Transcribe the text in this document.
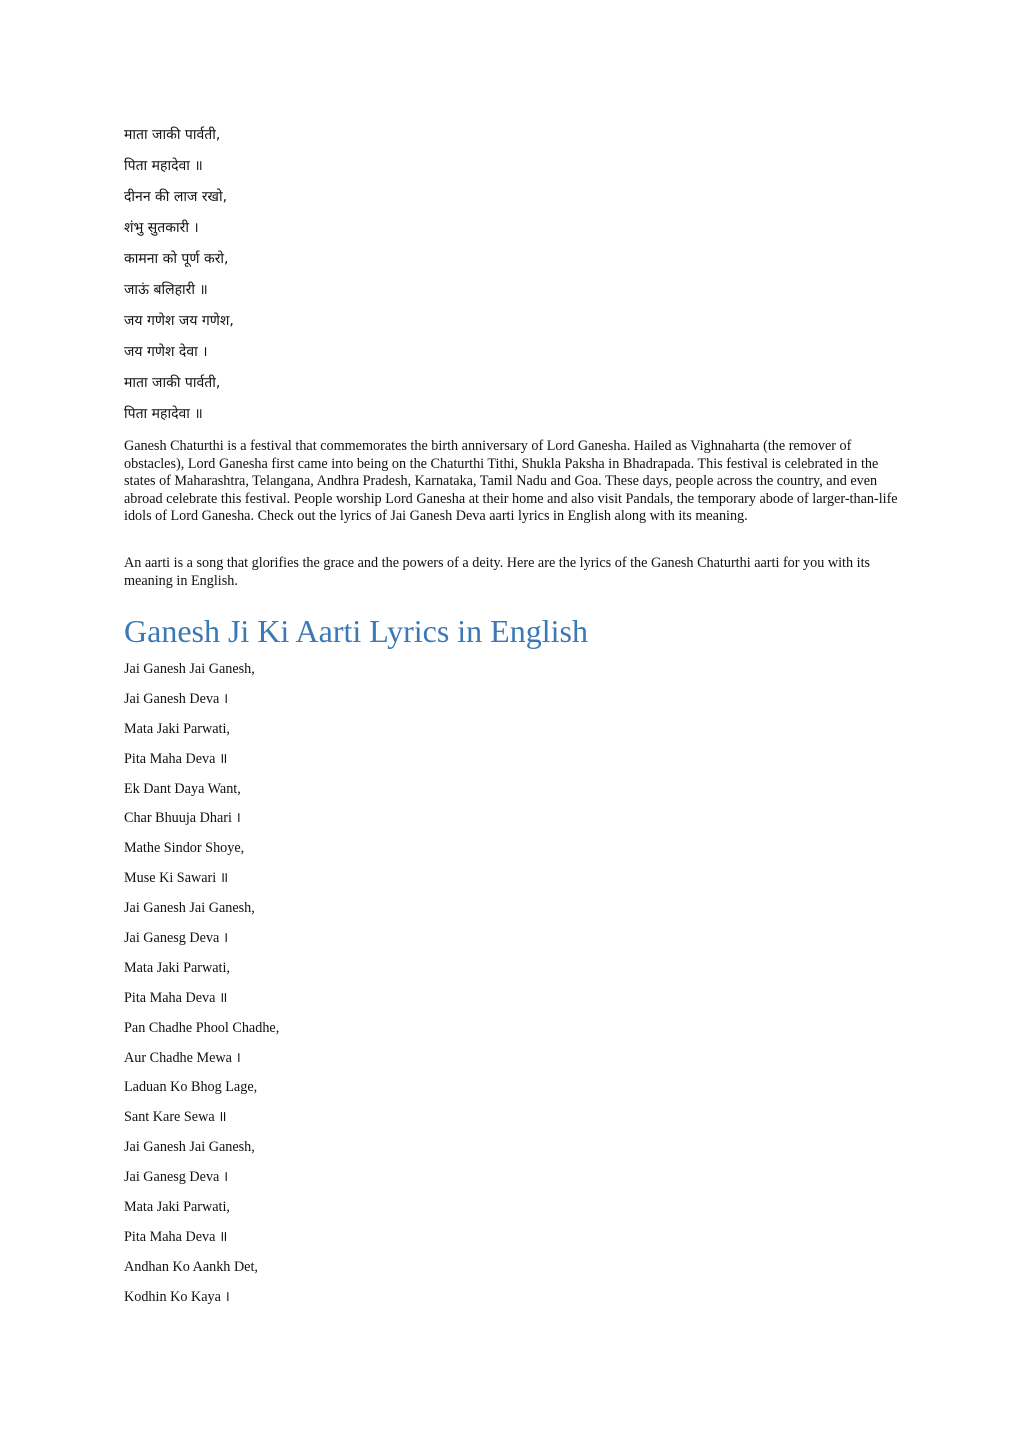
माता जाकी पार्वती,
पिता महादेवा ॥
दीनन की लाज रखो,
शंभु सुतकारी ।
कामना को पूर्ण करो,
जाऊं बलिहारी ॥
जय गणेश जय गणेश,
जय गणेश देवा ।
माता जाकी पार्वती,
पिता महादेवा ॥

Ganesh Chaturthi is a festival that commemorates the birth anniversary of Lord Ganesha. Hailed as Vighnaharta (the remover of obstacles), Lord Ganesha first came into being on the Chaturthi Tithi, Shukla Paksha in Bhadrapada. This festival is celebrated in the states of Maharashtra, Telangana, Andhra Pradesh, Karnataka, Tamil Nadu and Goa. These days, people across the country, and even abroad celebrate this festival. People worship Lord Ganesha at their home and also visit Pandals, the temporary abode of larger-than-life idols of Lord Ganesha. Check out the lyrics of Jai Ganesh Deva aarti lyrics in English along with its meaning.

An aarti is a song that glorifies the grace and the powers of a deity. Here are the lyrics of the Ganesh Chaturthi aarti for you with its meaning in English.

Ganesh Ji Ki Aarti Lyrics in English
Jai Ganesh Jai Ganesh,
Jai Ganesh Deva ।
Mata Jaki Parwati,
Pita Maha Deva ॥
Ek Dant Daya Want,
Char Bhuuja Dhari ।
Mathe Sindor Shoye,
Muse Ki Sawari ॥
Jai Ganesh Jai Ganesh,
Jai Ganesg Deva ।
Mata Jaki Parwati,
Pita Maha Deva ॥
Pan Chadhe Phool Chadhe,
Aur Chadhe Mewa ।
Laduan Ko Bhog Lage,
Sant Kare Sewa ॥
Jai Ganesh Jai Ganesh,
Jai Ganesg Deva ।
Mata Jaki Parwati,
Pita Maha Deva ॥
Andhan Ko Aankh Det,
Kodhin Ko Kaya ।
